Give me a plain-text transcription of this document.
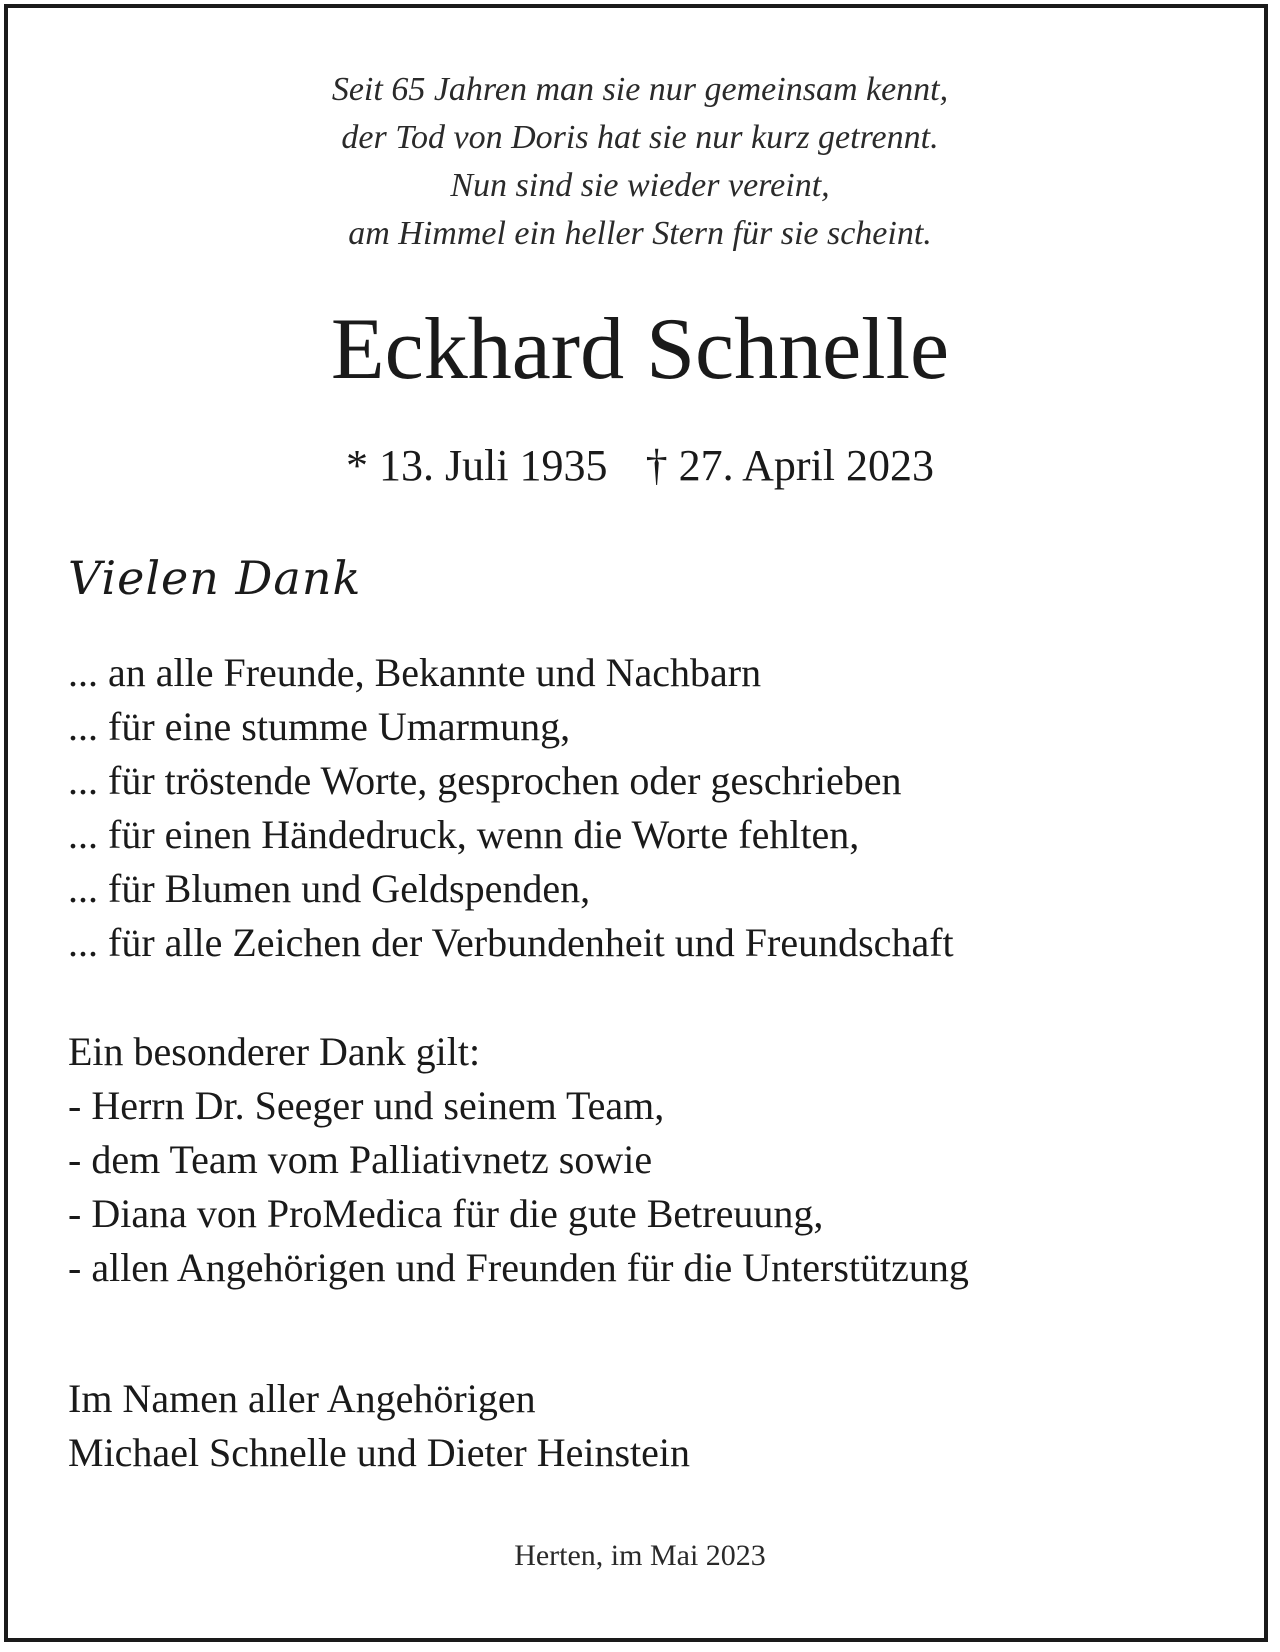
Seit 65 Jahren man sie nur gemeinsam kennt,
der Tod von Doris hat sie nur kurz getrennt.
Nun sind sie wieder vereint,
am Himmel ein heller Stern für sie scheint.
Eckhard Schnelle
* 13. Juli 1935 † 27. April 2023
Vielen Dank
... an alle Freunde, Bekannte und Nachbarn
... für eine stumme Umarmung,
... für tröstende Worte, gesprochen oder geschrieben
... für einen Händedruck, wenn die Worte fehlten,
... für Blumen und Geldspenden,
... für alle Zeichen der Verbundenheit und Freundschaft
Ein besonderer Dank gilt:
- Herrn Dr. Seeger und seinem Team,
- dem Team vom Palliativnetz sowie
- Diana von ProMedica für die gute Betreuung,
- allen Angehörigen und Freunden für die Unterstützung
Im Namen aller Angehörigen
Michael Schnelle und Dieter Heinstein
Herten, im Mai 2023
